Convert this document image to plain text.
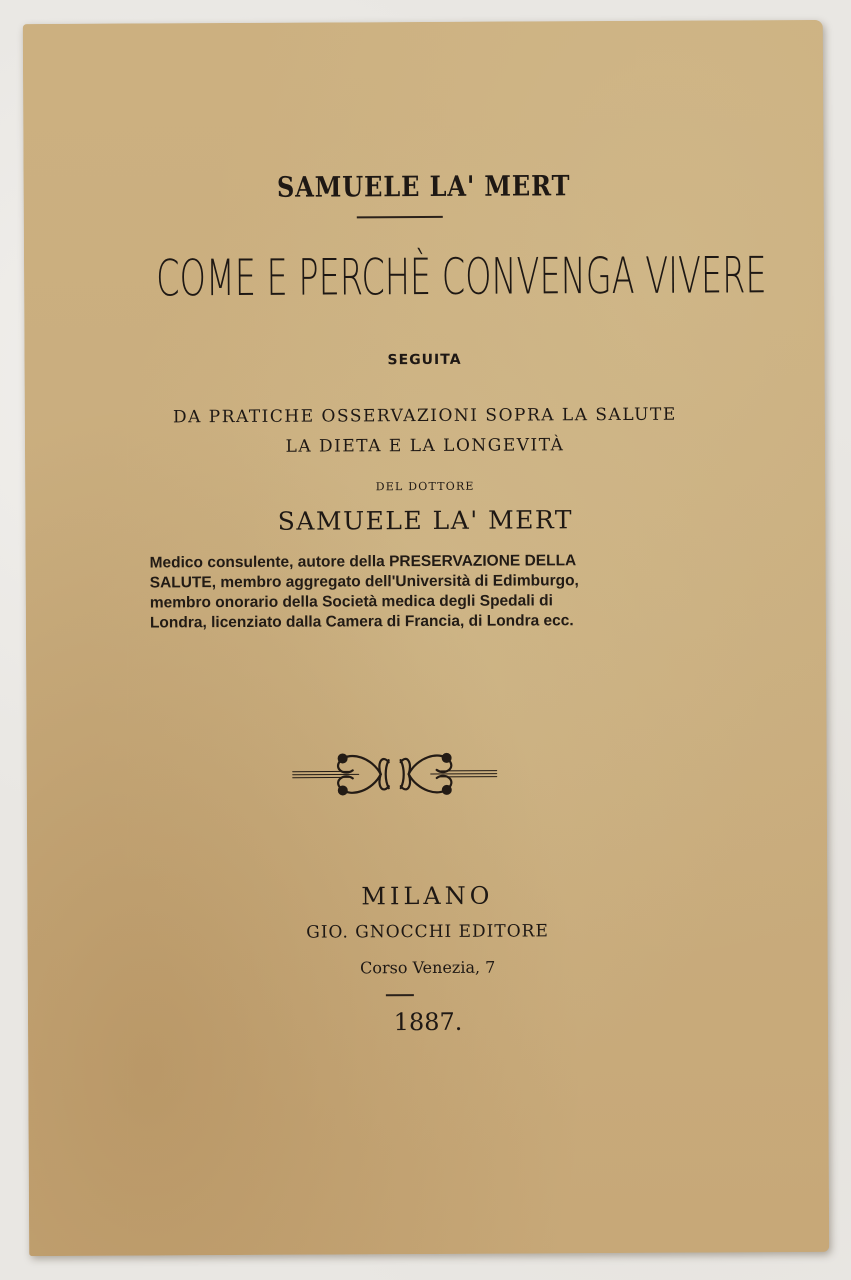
SAMUELE LA' MERT
COME E PERCHÈ CONVENGA VIVERE
SEGUITA
DA PRATICHE OSSERVAZIONI SOPRA LA SALUTE
LA DIETA E LA LONGEVITÀ
DEL DOTTORE
SAMUELE LA' MERT
Medico consulente, autore della PRESERVAZIONE DELLA
SALUTE, membro aggregato dell'Università di Edimburgo,
membro onorario della Società medica degli Spedali di
Londra, licenziato dalla Camera di Francia, di Londra ecc.
MILANO
GIO. GNOCCHI EDITORE
Corso Venezia, 7
1887.
